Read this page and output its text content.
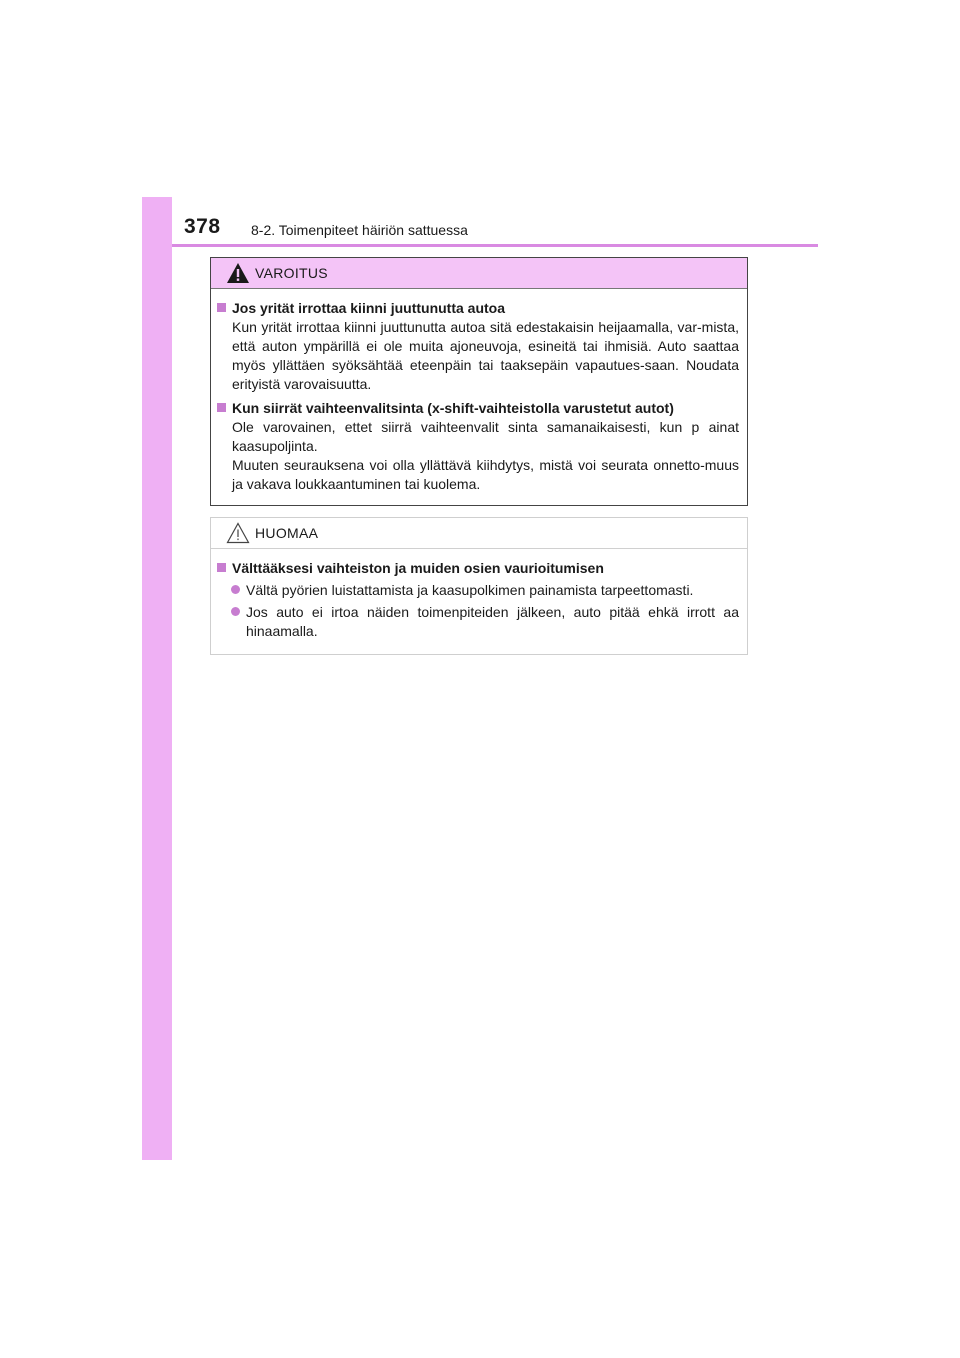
378 8-2. Toimenpiteet häiriön sattuessa
VAROITUS
Jos yrität irrottaa kiinni juuttunutta autoa
Kun yrität irrottaa kiinni juuttunutta autoa sitä edestakaisin heijaamalla, var-mista, että auton ympärillä ei ole muita ajoneuvoja, esineitä tai ihmisiä. Auto saattaa myös yllättäen syöksähtää eteenpäin tai taaksepäin vapautues-saan. Noudata erityistä varovaisuutta.
Kun siirrät vaihteenvalitsinta (x-shift-vaihteistolla varustetut autot)
Ole varovainen, ettet siirrä vaihteenvalit sinta samanaikaisesti, kun p ainat kaasupoljinta.
Muuten seurauksena voi olla yllättävä kiihdytys, mistä voi seurata onnetto-muus ja vakava loukkaantuminen tai kuolema.
HUOMAA
Välttääksesi vaihteiston ja muiden osien vaurioitumisen
Vältä pyörien luistattamista ja kaasupolkimen painamista tarpeettomasti.
Jos auto ei irtoa näiden toimenpiteiden jälkeen, auto pitää ehkä irrott aa hinaamalla.
